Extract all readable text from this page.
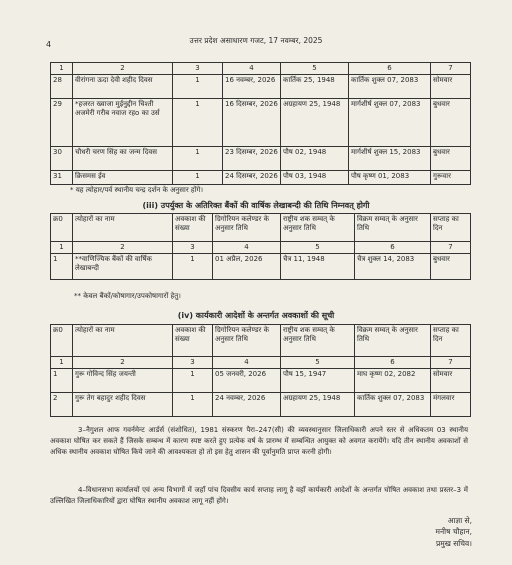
उत्तर प्रदेश असाधारण गजट, 17 नवम्बर, 2025
4
1	2	3	4	5	6	7
28	वीरांगना ऊदा देवी शहीद दिवस	1	16 नवम्बर, 2026	कार्तिक 25, 1948	कार्तिक शुक्ल 07, 2083	सोमवार
29	*हजरत ख्वाजा मुईनुद्दीन चिश्ती अजमेरी गरीब नवाज रहo का उर्स	1	16 दिसम्बर, 2026	अग्रहायण 25, 1948	मार्गशीर्ष शुक्ल 07, 2083	बुधवार
30	चौधरी चरण सिंह का जन्म दिवस	1	23 दिसम्बर, 2026	पौष 02, 1948	मार्गशीर्ष शुक्ल 15, 2083	बुधवार
31	क्रिसमस ईव	1	24 दिसम्बर, 2026	पौष 03, 1948	पौष कृष्ण 01, 2083	गुरूवार
* यह त्योहार/पर्व स्थानीय चन्द्र दर्शन के अनुसार होंगे।
(iii) उपर्युक्त के अतिरिक्त बैंकों की वार्षिक लेखाबन्दी की तिथि निम्नवत् होगी
क्र0	त्योहारों का नाम	अवकाश की संख्या	ग्रिगोरियन कलेण्डर के अनुसार तिथि	राष्ट्रीय शक सम्वत् के अनुसार तिथि	विक्रम सम्वत् के अनुसार तिथि	सप्ताह का दिन
1	2	3	4	5	6	7
1	**वाणिज्यिक बैंकों की वार्षिक लेखाबन्दी	1	01 अप्रैल, 2026	चैत्र 11, 1948	चैत्र शुक्ल 14, 2083	बुधवार
** केवल बैंकों/कोषागार/उपकोषागारों हेतु।
(iv) कार्यकारी आदेशों के अन्तर्गत अवकाशों की सूची
क्र0	त्योहारों का नाम	अवकाश की संख्या	ग्रिगोरियन कलेण्डर के अनुसार तिथि	राष्ट्रीय शक सम्वत् के अनुसार तिथि	विक्रम सम्वत् के अनुसार तिथि	सप्ताह का दिन
1	2	3	4	5	6	7
1	गुरू गोविन्द सिंह जयन्ती	1	05 जनवरी, 2026	पौष 15, 1947	माघ कृष्ण 02, 2082	सोमवार
2	गुरू तेग बहादुर शहीद दिवस	1	24 नवम्बर, 2026	अग्रहायण 25, 1948	कार्तिक शुक्ल 07, 2083	मंगलवार
3–नैगुशल आफ गवर्नमेन्ट आर्डर्स (संशोधित), 1981 संस्करण पैरा–247(सी) की व्यवस्थानुसार जिलाधिकारी अपने स्तर से अधिकतम 03 स्थानीय अवकाश घोषित कर सकते हैं जिसके सम्बन्ध में कारण स्पष्ट करते हुए प्रत्येक वर्ष के प्रारम्भ में सम्बन्धित आयुक्त को अवगत करायेंगे। यदि तीन स्थानीय अवकाशों से अधिक स्थानीय अवकाश घोषित किये जाने की आवश्यकता हो तो इस हेतु शासन की पूर्वानुमति प्राप्त करनी होगी।
4–विधानसभा कार्यालयों एवं अन्य विभागों में जहाँ पांच दिवसीय कार्य सप्ताह लागू है वहाँ कार्यकारी आदेशों के अन्तर्गत घोषित अवकाश तथा प्रस्तर–3 में उल्लिखित जिलाधिकारियों द्वारा घोषित स्थानीय अवकाश लागू नहीं होंगे।
आज्ञा से,
मनीष चौहान,
प्रमुख सचिव।
